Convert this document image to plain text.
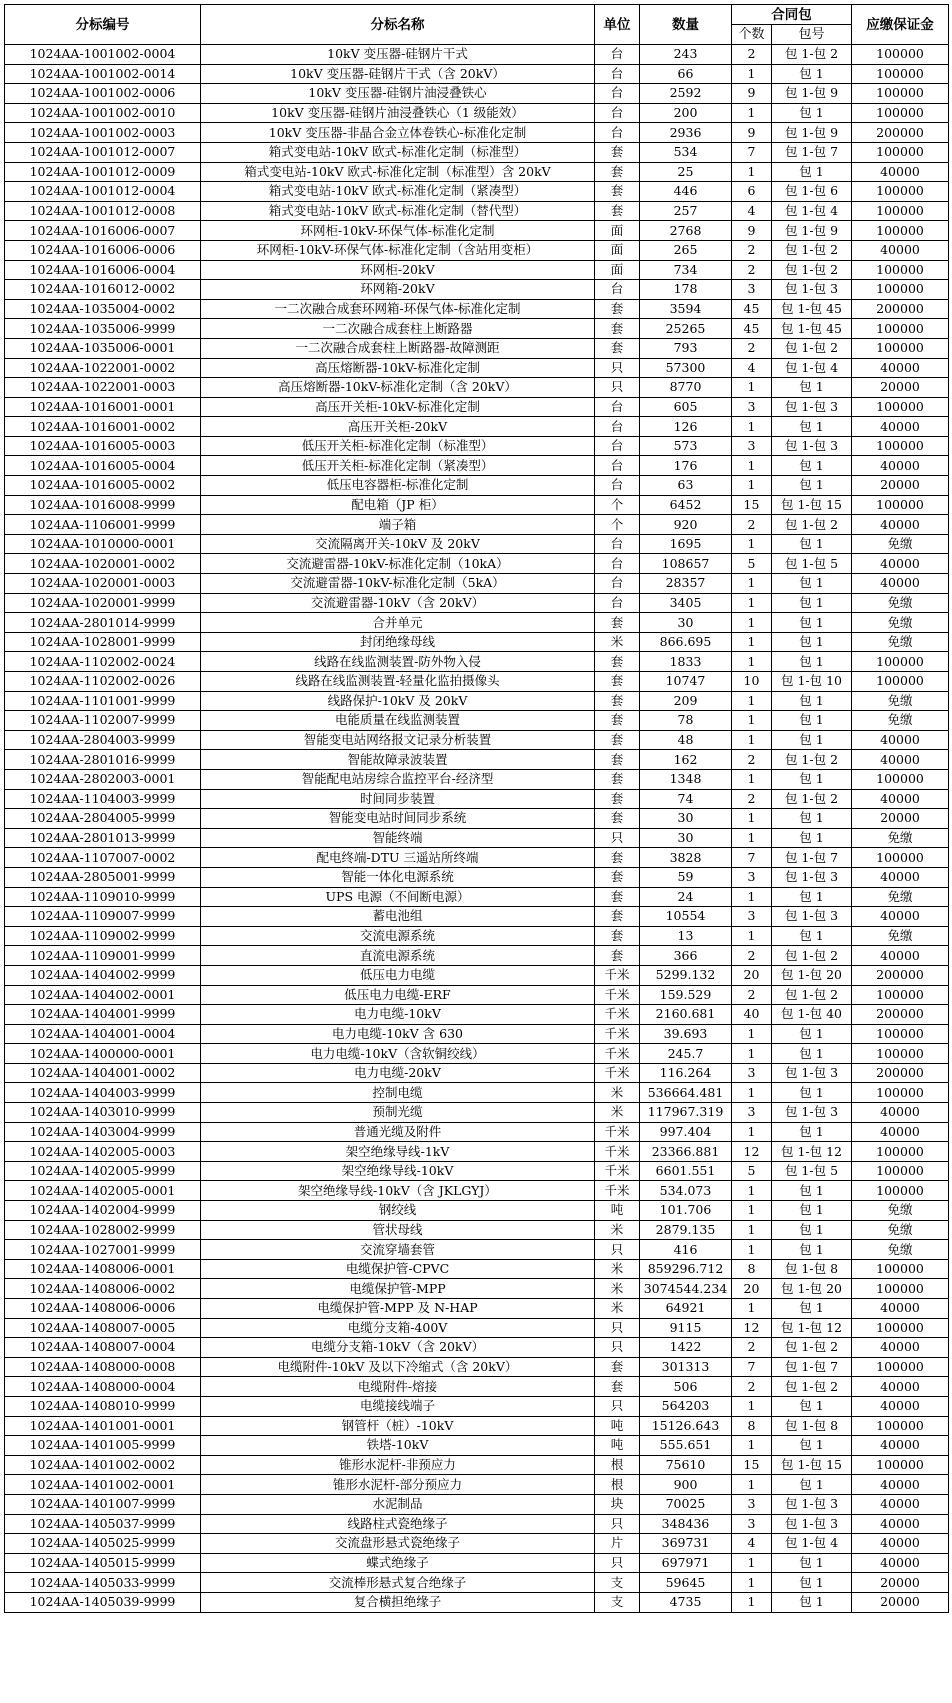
分标编号	分标名称	单位	数量	合同包		应缴保证金
				个数	包号	
1024AA-1001002-0004	10kV 变压器-硅钢片干式	台	243	2	包 1-包 2	100000
1024AA-1001002-0014	10kV 变压器-硅钢片干式（含 20kV）	台	66	1	包 1	100000
1024AA-1001002-0006	10kV 变压器-硅钢片油浸叠铁心	台	2592	9	包 1-包 9	100000
1024AA-1001002-0010	10kV 变压器-硅钢片油浸叠铁心（1 级能效）	台	200	1	包 1	100000
1024AA-1001002-0003	10kV 变压器-非晶合金立体卷铁心-标准化定制	台	2936	9	包 1-包 9	200000
1024AA-1001012-0007	箱式变电站-10kV 欧式-标准化定制（标准型）	套	534	7	包 1-包 7	100000
1024AA-1001012-0009	箱式变电站-10kV 欧式-标准化定制（标准型）含 20kV	套	25	1	包 1	40000
1024AA-1001012-0004	箱式变电站-10kV 欧式-标准化定制（紧凑型）	套	446	6	包 1-包 6	100000
1024AA-1001012-0008	箱式变电站-10kV 欧式-标准化定制（替代型）	套	257	4	包 1-包 4	100000
1024AA-1016006-0007	环网柜-10kV-环保气体-标准化定制	面	2768	9	包 1-包 9	100000
1024AA-1016006-0006	环网柜-10kV-环保气体-标准化定制（含站用变柜）	面	265	2	包 1-包 2	40000
1024AA-1016006-0004	环网柜-20kV	面	734	2	包 1-包 2	100000
1024AA-1016012-0002	环网箱-20kV	台	178	3	包 1-包 3	100000
1024AA-1035004-0002	一二次融合成套环网箱-环保气体-标准化定制	套	3594	45	包 1-包 45	200000
1024AA-1035006-9999	一二次融合成套柱上断路器	套	25265	45	包 1-包 45	100000
1024AA-1035006-0001	一二次融合成套柱上断路器-故障测距	套	793	2	包 1-包 2	100000
1024AA-1022001-0002	高压熔断器-10kV-标准化定制	只	57300	4	包 1-包 4	40000
1024AA-1022001-0003	高压熔断器-10kV-标准化定制（含 20kV）	只	8770	1	包 1	20000
1024AA-1016001-0001	高压开关柜-10kV-标准化定制	台	605	3	包 1-包 3	100000
1024AA-1016001-0002	高压开关柜-20kV	台	126	1	包 1	40000
1024AA-1016005-0003	低压开关柜-标准化定制（标准型）	台	573	3	包 1-包 3	100000
1024AA-1016005-0004	低压开关柜-标准化定制（紧凑型）	台	176	1	包 1	40000
1024AA-1016005-0002	低压电容器柜-标准化定制	台	63	1	包 1	20000
1024AA-1016008-9999	配电箱（JP 柜）	个	6452	15	包 1-包 15	100000
1024AA-1106001-9999	端子箱	个	920	2	包 1-包 2	40000
1024AA-1010000-0001	交流隔离开关-10kV 及 20kV	台	1695	1	包 1	免缴
1024AA-1020001-0002	交流避雷器-10kV-标准化定制（10kA）	台	108657	5	包 1-包 5	40000
1024AA-1020001-0003	交流避雷器-10kV-标准化定制（5kA）	台	28357	1	包 1	40000
1024AA-1020001-9999	交流避雷器-10kV（含 20kV）	台	3405	1	包 1	免缴
1024AA-2801014-9999	合并单元	套	30	1	包 1	免缴
1024AA-1028001-9999	封闭绝缘母线	米	866.695	1	包 1	免缴
1024AA-1102002-0024	线路在线监测装置-防外物入侵	套	1833	1	包 1	100000
1024AA-1102002-0026	线路在线监测装置-轻量化监拍摄像头	套	10747	10	包 1-包 10	100000
1024AA-1101001-9999	线路保护-10kV 及 20kV	套	209	1	包 1	免缴
1024AA-1102007-9999	电能质量在线监测装置	套	78	1	包 1	免缴
1024AA-2804003-9999	智能变电站网络报文记录分析装置	套	48	1	包 1	40000
1024AA-2801016-9999	智能故障录波装置	套	162	2	包 1-包 2	40000
1024AA-2802003-0001	智能配电站房综合监控平台-经济型	套	1348	1	包 1	100000
1024AA-1104003-9999	时间同步装置	套	74	2	包 1-包 2	40000
1024AA-2804005-9999	智能变电站时间同步系统	套	30	1	包 1	20000
1024AA-2801013-9999	智能终端	只	30	1	包 1	免缴
1024AA-1107007-0002	配电终端-DTU 三遥站所终端	套	3828	7	包 1-包 7	100000
1024AA-2805001-9999	智能一体化电源系统	套	59	3	包 1-包 3	40000
1024AA-1109010-9999	UPS 电源（不间断电源）	套	24	1	包 1	免缴
1024AA-1109007-9999	蓄电池组	套	10554	3	包 1-包 3	40000
1024AA-1109002-9999	交流电源系统	套	13	1	包 1	免缴
1024AA-1109001-9999	直流电源系统	套	366	2	包 1-包 2	40000
1024AA-1404002-9999	低压电力电缆	千米	5299.132	20	包 1-包 20	200000
1024AA-1404002-0001	低压电力电缆-ERF	千米	159.529	2	包 1-包 2	100000
1024AA-1404001-9999	电力电缆-10kV	千米	2160.681	40	包 1-包 40	200000
1024AA-1404001-0004	电力电缆-10kV 含 630	千米	39.693	1	包 1	100000
1024AA-1400000-0001	电力电缆-10kV（含软铜绞线）	千米	245.7	1	包 1	100000
1024AA-1404001-0002	电力电缆-20kV	千米	116.264	3	包 1-包 3	200000
1024AA-1404003-9999	控制电缆	米	536664.481	1	包 1	100000
1024AA-1403010-9999	预制光缆	米	117967.319	3	包 1-包 3	40000
1024AA-1403004-9999	普通光缆及附件	千米	997.404	1	包 1	40000
1024AA-1402005-0003	架空绝缘导线-1kV	千米	23366.881	12	包 1-包 12	100000
1024AA-1402005-9999	架空绝缘导线-10kV	千米	6601.551	5	包 1-包 5	100000
1024AA-1402005-0001	架空绝缘导线-10kV（含 JKLGYJ）	千米	534.073	1	包 1	100000
1024AA-1402004-9999	钢绞线	吨	101.706	1	包 1	免缴
1024AA-1028002-9999	管状母线	米	2879.135	1	包 1	免缴
1024AA-1027001-9999	交流穿墙套管	只	416	1	包 1	免缴
1024AA-1408006-0001	电缆保护管-CPVC	米	859296.712	8	包 1-包 8	100000
1024AA-1408006-0002	电缆保护管-MPP	米	3074544.234	20	包 1-包 20	100000
1024AA-1408006-0006	电缆保护管-MPP 及 N-HAP	米	64921	1	包 1	40000
1024AA-1408007-0005	电缆分支箱-400V	只	9115	12	包 1-包 12	100000
1024AA-1408007-0004	电缆分支箱-10kV（含 20kV）	只	1422	2	包 1-包 2	40000
1024AA-1408000-0008	电缆附件-10kV 及以下冷缩式（含 20kV）	套	301313	7	包 1-包 7	100000
1024AA-1408000-0004	电缆附件-熔接	套	506	2	包 1-包 2	40000
1024AA-1408010-9999	电缆接线端子	只	564203	1	包 1	40000
1024AA-1401001-0001	钢管杆（桩）-10kV	吨	15126.643	8	包 1-包 8	100000
1024AA-1401005-9999	铁塔-10kV	吨	555.651	1	包 1	40000
1024AA-1401002-0002	锥形水泥杆-非预应力	根	75610	15	包 1-包 15	100000
1024AA-1401002-0001	锥形水泥杆-部分预应力	根	900	1	包 1	40000
1024AA-1401007-9999	水泥制品	块	70025	3	包 1-包 3	40000
1024AA-1405037-9999	线路柱式瓷绝缘子	只	348436	3	包 1-包 3	40000
1024AA-1405025-9999	交流盘形悬式瓷绝缘子	片	369731	4	包 1-包 4	40000
1024AA-1405015-9999	蝶式绝缘子	只	697971	1	包 1	40000
1024AA-1405033-9999	交流棒形悬式复合绝缘子	支	59645	1	包 1	20000
1024AA-1405039-9999	复合横担绝缘子	支	4735	1	包 1	20000
